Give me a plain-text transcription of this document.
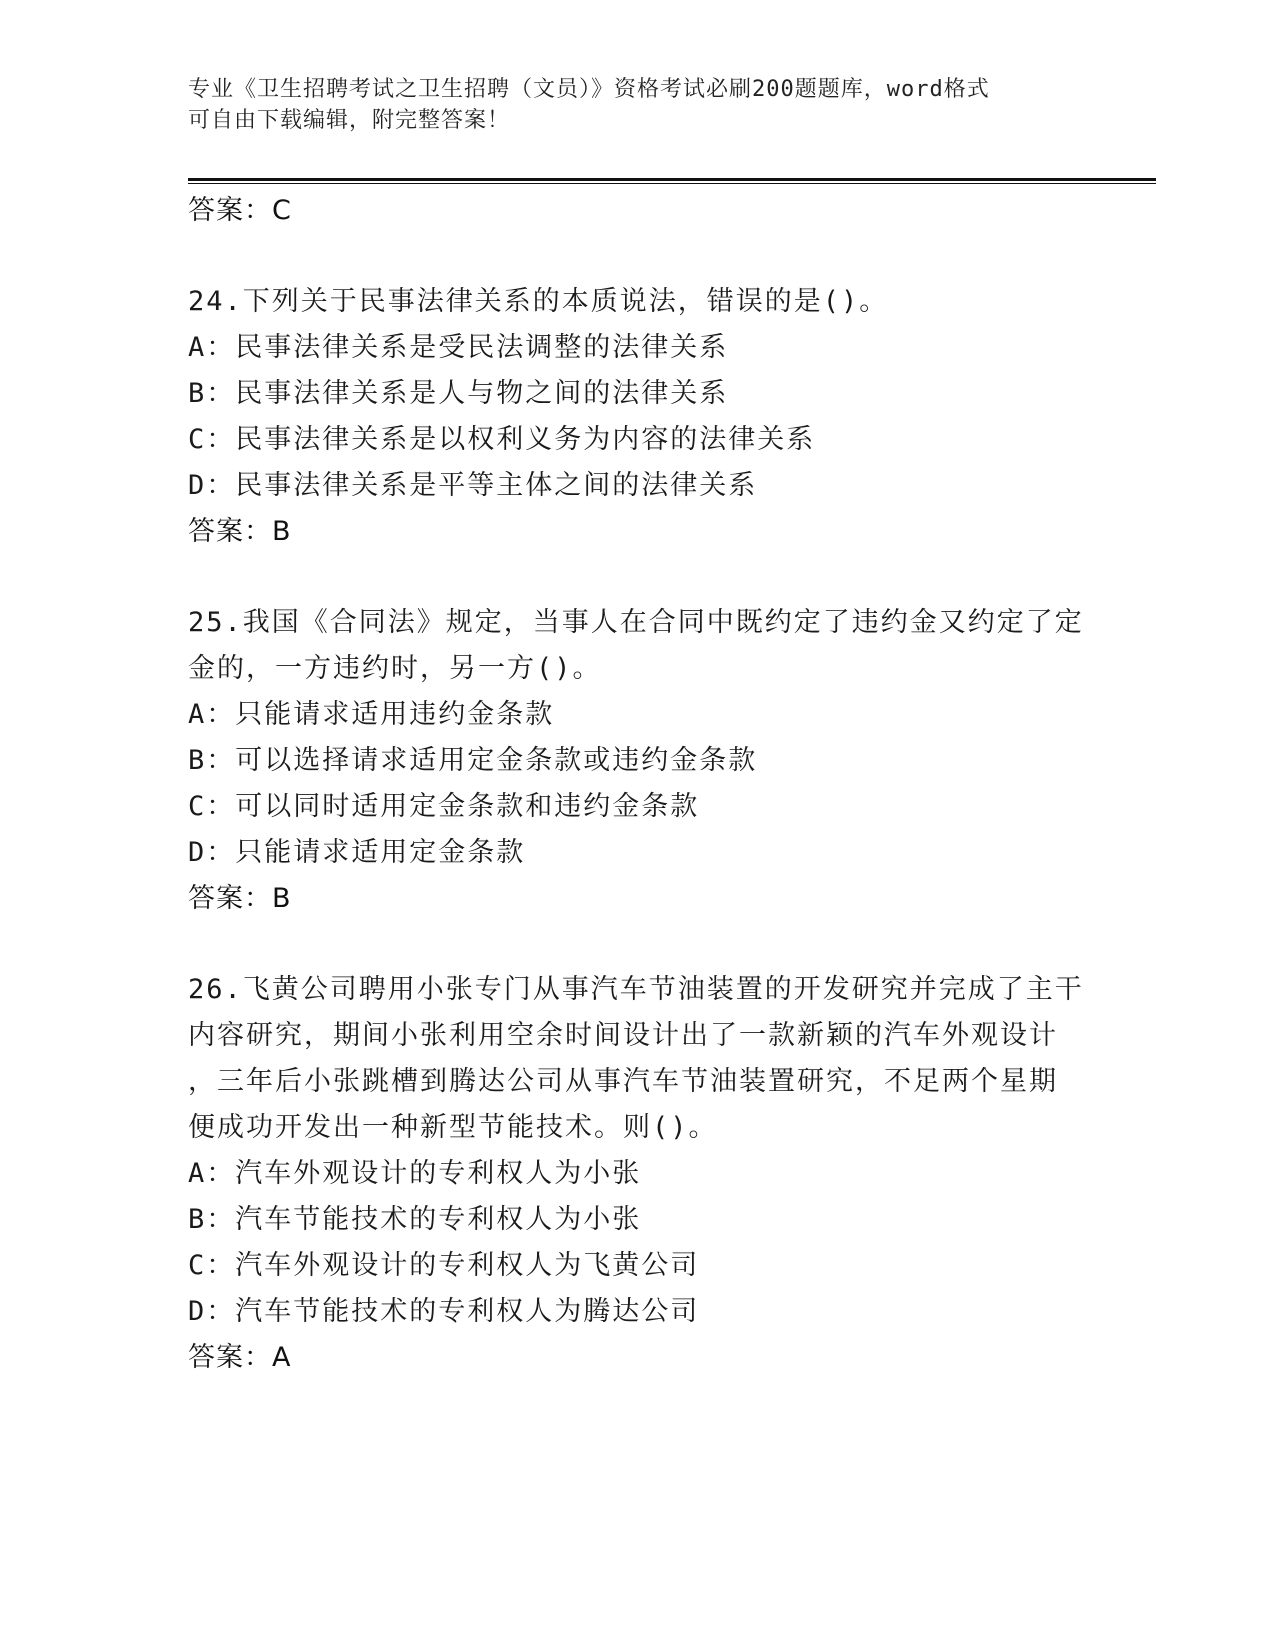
专业《卫生招聘考试之卫生招聘（文员）》资格考试必刷200题题库，word格式
可自由下载编辑，附完整答案！
答案：C
24.下列关于民事法律关系的本质说法，错误的是()。
A：民事法律关系是受民法调整的法律关系
B：民事法律关系是人与物之间的法律关系
C：民事法律关系是以权利义务为内容的法律关系
D：民事法律关系是平等主体之间的法律关系
答案：B
25.我国《合同法》规定，当事人在合同中既约定了违约金又约定了定
金的，一方违约时，另一方()。
A：只能请求适用违约金条款
B：可以选择请求适用定金条款或违约金条款
C：可以同时适用定金条款和违约金条款
D：只能请求适用定金条款
答案：B
26.飞黄公司聘用小张专门从事汽车节油装置的开发研究并完成了主干
内容研究，期间小张利用空余时间设计出了一款新颖的汽车外观设计
，三年后小张跳槽到腾达公司从事汽车节油装置研究，不足两个星期
便成功开发出一种新型节能技术。则()。
A：汽车外观设计的专利权人为小张
B：汽车节能技术的专利权人为小张
C：汽车外观设计的专利权人为飞黄公司
D：汽车节能技术的专利权人为腾达公司
答案：A
